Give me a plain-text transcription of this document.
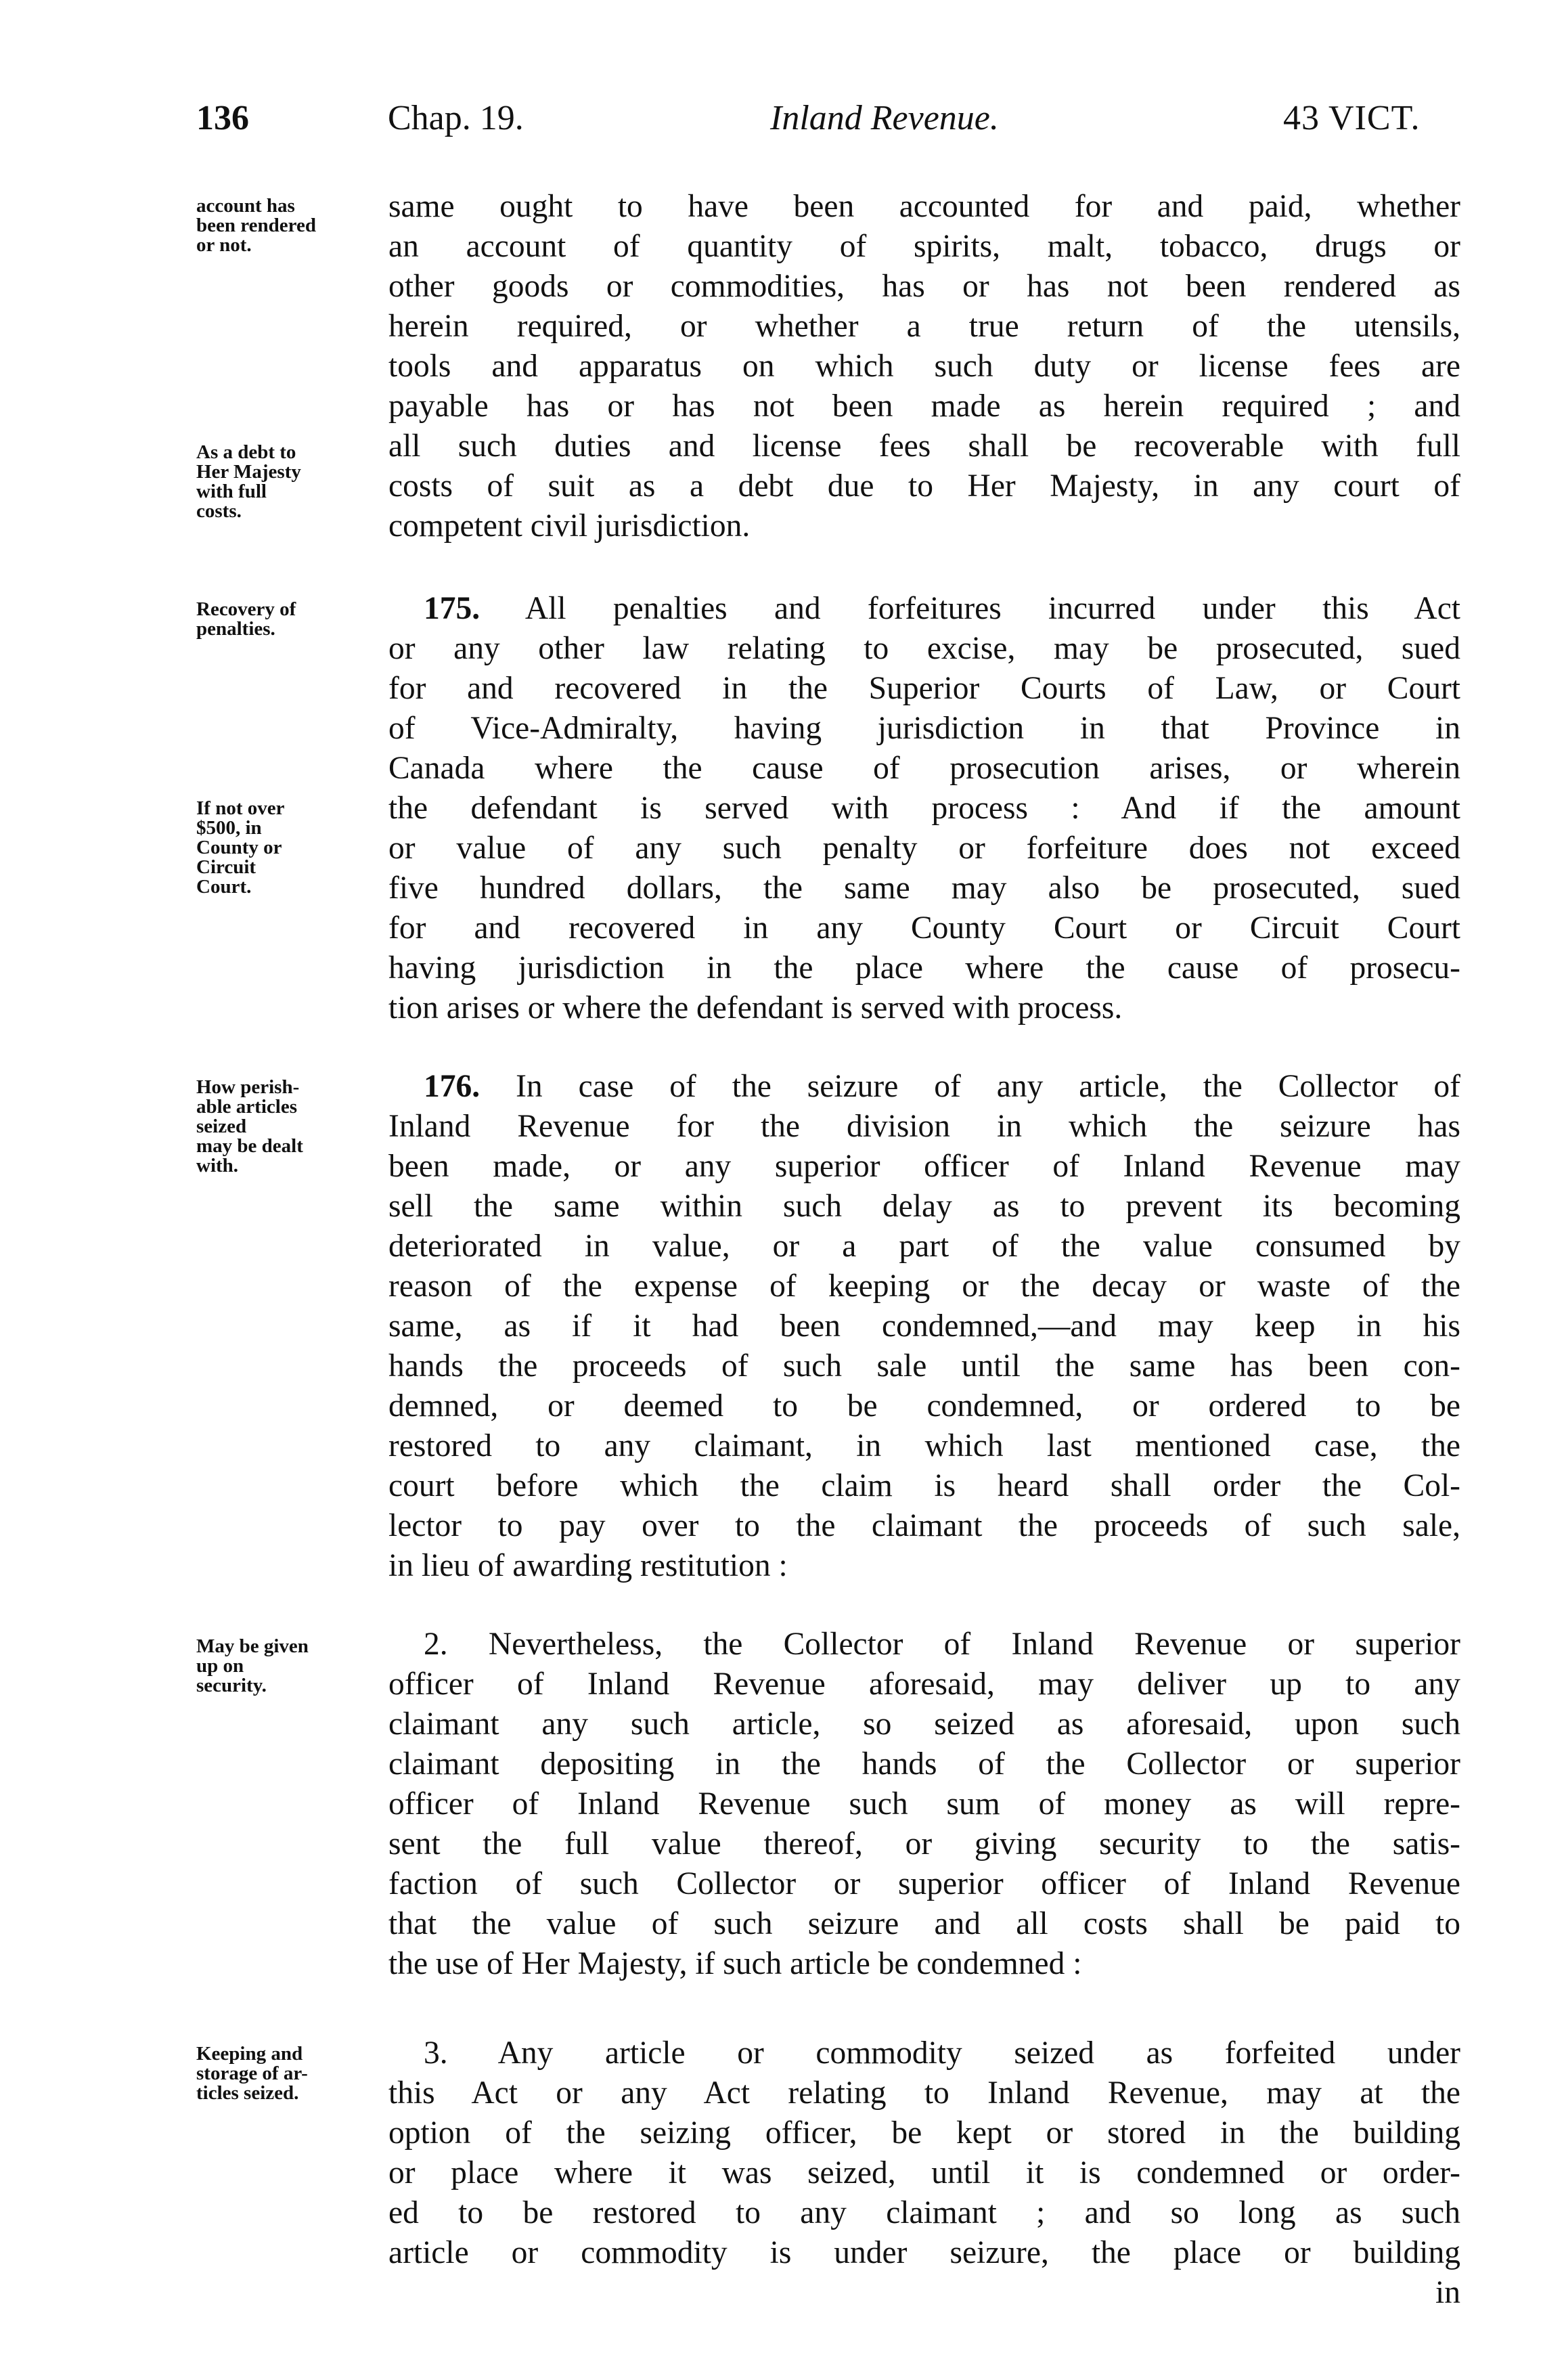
136	Chap. 19.	Inland Revenue.	43 VICT.
account has
been rendered
or not.
As a debt to
Her Majesty
with full
costs.
Recovery of
penalties.
If not over
$500, in
County or
Circuit
Court.
How perish-
able articles
seized
may be dealt
with.
May be given
up on
security.
Keeping and
storage of ar-
ticles seized.
same ought to have been accounted for and paid, whether
an account of quantity of spirits, malt, tobacco, drugs or
other goods or commodities, has or has not been rendered as
herein required, or whether a true return of the utensils,
tools and apparatus on which such duty or license fees are
payable has or has not been made as herein required ; and
all such duties and license fees shall be recoverable with full
costs of suit as a debt due to Her Majesty, in any court of
competent civil jurisdiction.
175. All penalties and forfeitures incurred under this Act
or any other law relating to excise, may be prosecuted, sued
for and recovered in the Superior Courts of Law, or Court
of Vice-Admiralty, having jurisdiction in that Province in
Canada where the cause of prosecution arises, or wherein
the defendant is served with process : And if the amount
or value of any such penalty or forfeiture does not exceed
five hundred dollars, the same may also be prosecuted, sued
for and recovered in any County Court or Circuit Court
having jurisdiction in the place where the cause of prosecu-
tion arises or where the defendant is served with process.
176. In case of the seizure of any article, the Collector of
Inland Revenue for the division in which the seizure has
been made, or any superior officer of Inland Revenue may
sell the same within such delay as to prevent its becoming
deteriorated in value, or a part of the value consumed by
reason of the expense of keeping or the decay or waste of the
same, as if it had been condemned,—and may keep in his
hands the proceeds of such sale until the same has been con-
demned, or deemed to be condemned, or ordered to be
restored to any claimant, in which last mentioned case, the
court before which the claim is heard shall order the Col-
lector to pay over to the claimant the proceeds of such sale,
in lieu of awarding restitution :
2. Nevertheless, the Collector of Inland Revenue or superior
officer of Inland Revenue aforesaid, may deliver up to any
claimant any such article, so seized as aforesaid, upon such
claimant depositing in the hands of the Collector or superior
officer of Inland Revenue such sum of money as will repre-
sent the full value thereof, or giving security to the satis-
faction of such Collector or superior officer of Inland Revenue
that the value of such seizure and all costs shall be paid to
the use of Her Majesty, if such article be condemned :
3. Any article or commodity seized as forfeited under
this Act or any Act relating to Inland Revenue, may at the
option of the seizing officer, be kept or stored in the building
or place where it was seized, until it is condemned or order-
ed to be restored to any claimant ; and so long as such
article or commodity is under seizure, the place or building
in
